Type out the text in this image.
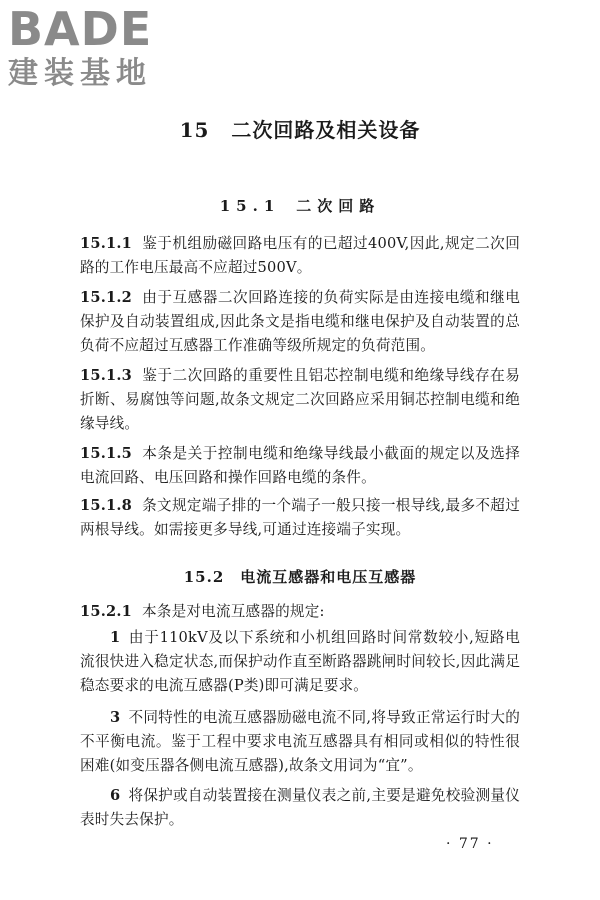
BADE
建装基地
15 二次回路及相关设备
15.1 二次回路
15.1.1 鉴于机组励磁回路电压有的已超过400V,因此,规定二次回路的工作电压最高不应超过500V。
15.1.2 由于互感器二次回路连接的负荷实际是由连接电缆和继电保护及自动装置组成,因此条文是指电缆和继电保护及自动装置的总负荷不应超过互感器工作准确等级所规定的负荷范围。
15.1.3 鉴于二次回路的重要性且铝芯控制电缆和绝缘导线存在易折断、易腐蚀等问题,故条文规定二次回路应采用铜芯控制电缆和绝缘导线。
15.1.5 本条是关于控制电缆和绝缘导线最小截面的规定以及选择电流回路、电压回路和操作回路电缆的条件。
15.1.8 条文规定端子排的一个端子一般只接一根导线,最多不超过两根导线。如需接更多导线,可通过连接端子实现。
15.2 电流互感器和电压互感器
15.2.1 本条是对电流互感器的规定:
1 由于110kV及以下系统和小机组回路时间常数较小,短路电流很快进入稳定状态,而保护动作直至断路器跳闸时间较长,因此满足稳态要求的电流互感器(P类)即可满足要求。
3 不同特性的电流互感器励磁电流不同,将导致正常运行时大的不平衡电流。鉴于工程中要求电流互感器具有相同或相似的特性很困难(如变压器各侧电流互感器),故条文用词为“宜”。
6 将保护或自动装置接在测量仪表之前,主要是避免校验测量仪表时失去保护。
· 77 ·
